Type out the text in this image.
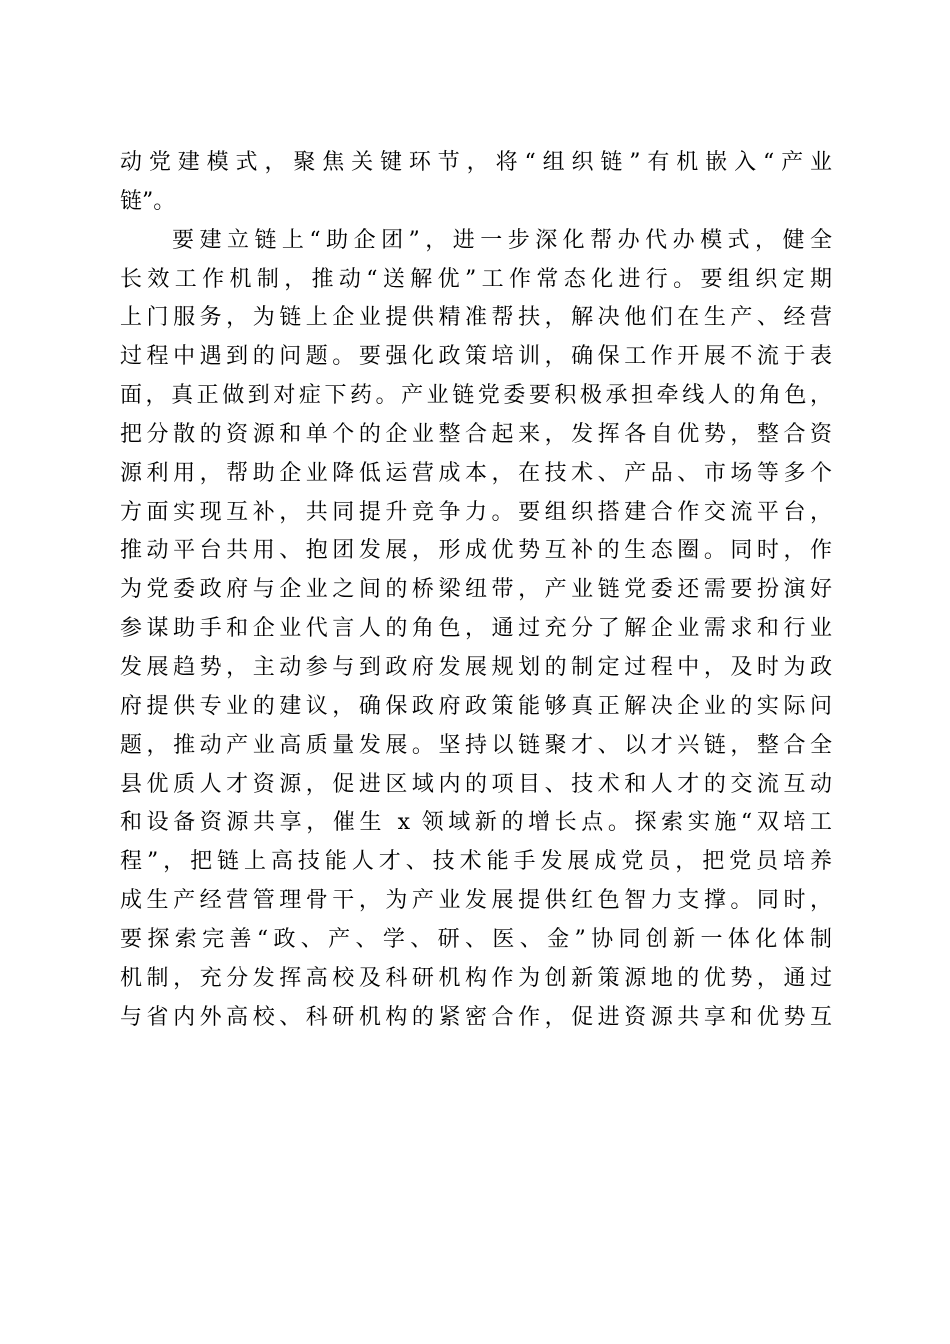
动党建模式，聚焦关键环节，将“组织链”有机嵌入“产业
链”。
要建立链上“助企团”，进一步深化帮办代办模式，健全
长效工作机制，推动“送解优”工作常态化进行。要组织定期
上门服务，为链上企业提供精准帮扶，解决他们在生产、经营
过程中遇到的问题。要强化政策培训，确保工作开展不流于表
面，真正做到对症下药。产业链党委要积极承担牵线人的角色，
把分散的资源和单个的企业整合起来，发挥各自优势，整合资
源利用，帮助企业降低运营成本，在技术、产品、市场等多个
方面实现互补，共同提升竞争力。要组织搭建合作交流平台，
推动平台共用、抱团发展，形成优势互补的生态圈。同时，作
为党委政府与企业之间的桥梁纽带，产业链党委还需要扮演好
参谋助手和企业代言人的角色，通过充分了解企业需求和行业
发展趋势，主动参与到政府发展规划的制定过程中，及时为政
府提供专业的建议，确保政府政策能够真正解决企业的实际问
题，推动产业高质量发展。坚持以链聚才、以才兴链，整合全
县优质人才资源，促进区域内的项目、技术和人才的交流互动
和设备资源共享，催生 x 领域新的增长点。探索实施“双培工
程”，把链上高技能人才、技术能手发展成党员，把党员培养
成生产经营管理骨干，为产业发展提供红色智力支撑。同时，
要探索完善“政、产、学、研、医、金”协同创新一体化体制
机制，充分发挥高校及科研机构作为创新策源地的优势，通过
与省内外高校、科研机构的紧密合作，促进资源共享和优势互
